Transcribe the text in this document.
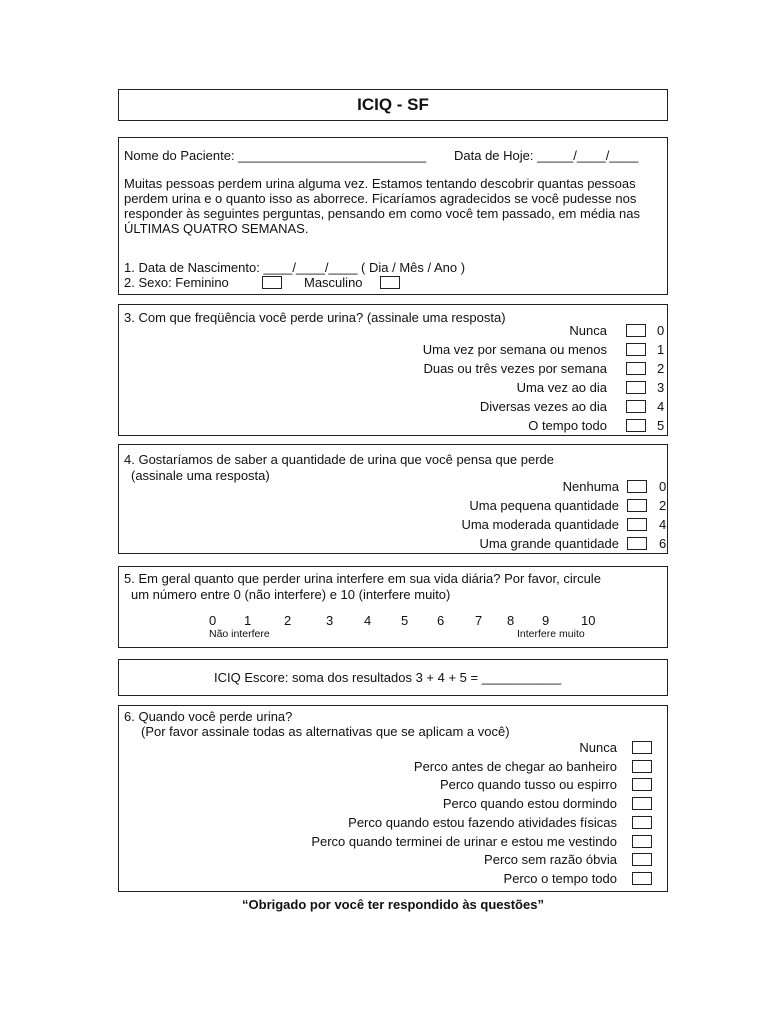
ICIQ - SF
Nome do Paciente: __________________________ Data de Hoje: _____/____/____
Muitas pessoas perdem urina alguma vez. Estamos tentando descobrir quantas pessoas perdem urina e o quanto isso as aborrece. Ficaríamos agradecidos se você pudesse nos responder às seguintes perguntas, pensando em como você tem passado, em média nas ÚLTIMAS QUATRO SEMANAS.
1. Data de Nascimento: ____/____/____ ( Dia / Mês / Ano )
2. Sexo: Feminino	Masculino
3. Com que freqüência você perde urina? (assinale uma resposta)
Nunca	0
Uma vez por semana ou menos	1
Duas ou três vezes por semana	2
Uma vez ao dia	3
Diversas vezes ao dia	4
O tempo todo	5
4. Gostaríamos de saber a quantidade de urina que você pensa que perde
(assinale uma resposta)
Nenhuma	0
Uma pequena quantidade	2
Uma moderada quantidade	4
Uma grande quantidade	6
5. Em geral quanto que perder urina interfere em sua vida diária? Por favor, circule
um número entre 0 (não interfere) e 10 (interfere muito)
0 1	2	3 4 5 6 7 8 9 10
Não interfere	Interfere muito
ICIQ Escore: soma dos resultados 3 + 4 + 5 = ___________
6. Quando você perde urina?
(Por favor assinale todas as alternativas que se aplicam a você)
Nunca
Perco antes de chegar ao banheiro
Perco quando tusso ou espirro
Perco quando estou dormindo
Perco quando estou fazendo atividades físicas
Perco quando terminei de urinar e estou me vestindo
Perco sem razão óbvia
Perco o tempo todo
“Obrigado por você ter respondido às questões”
